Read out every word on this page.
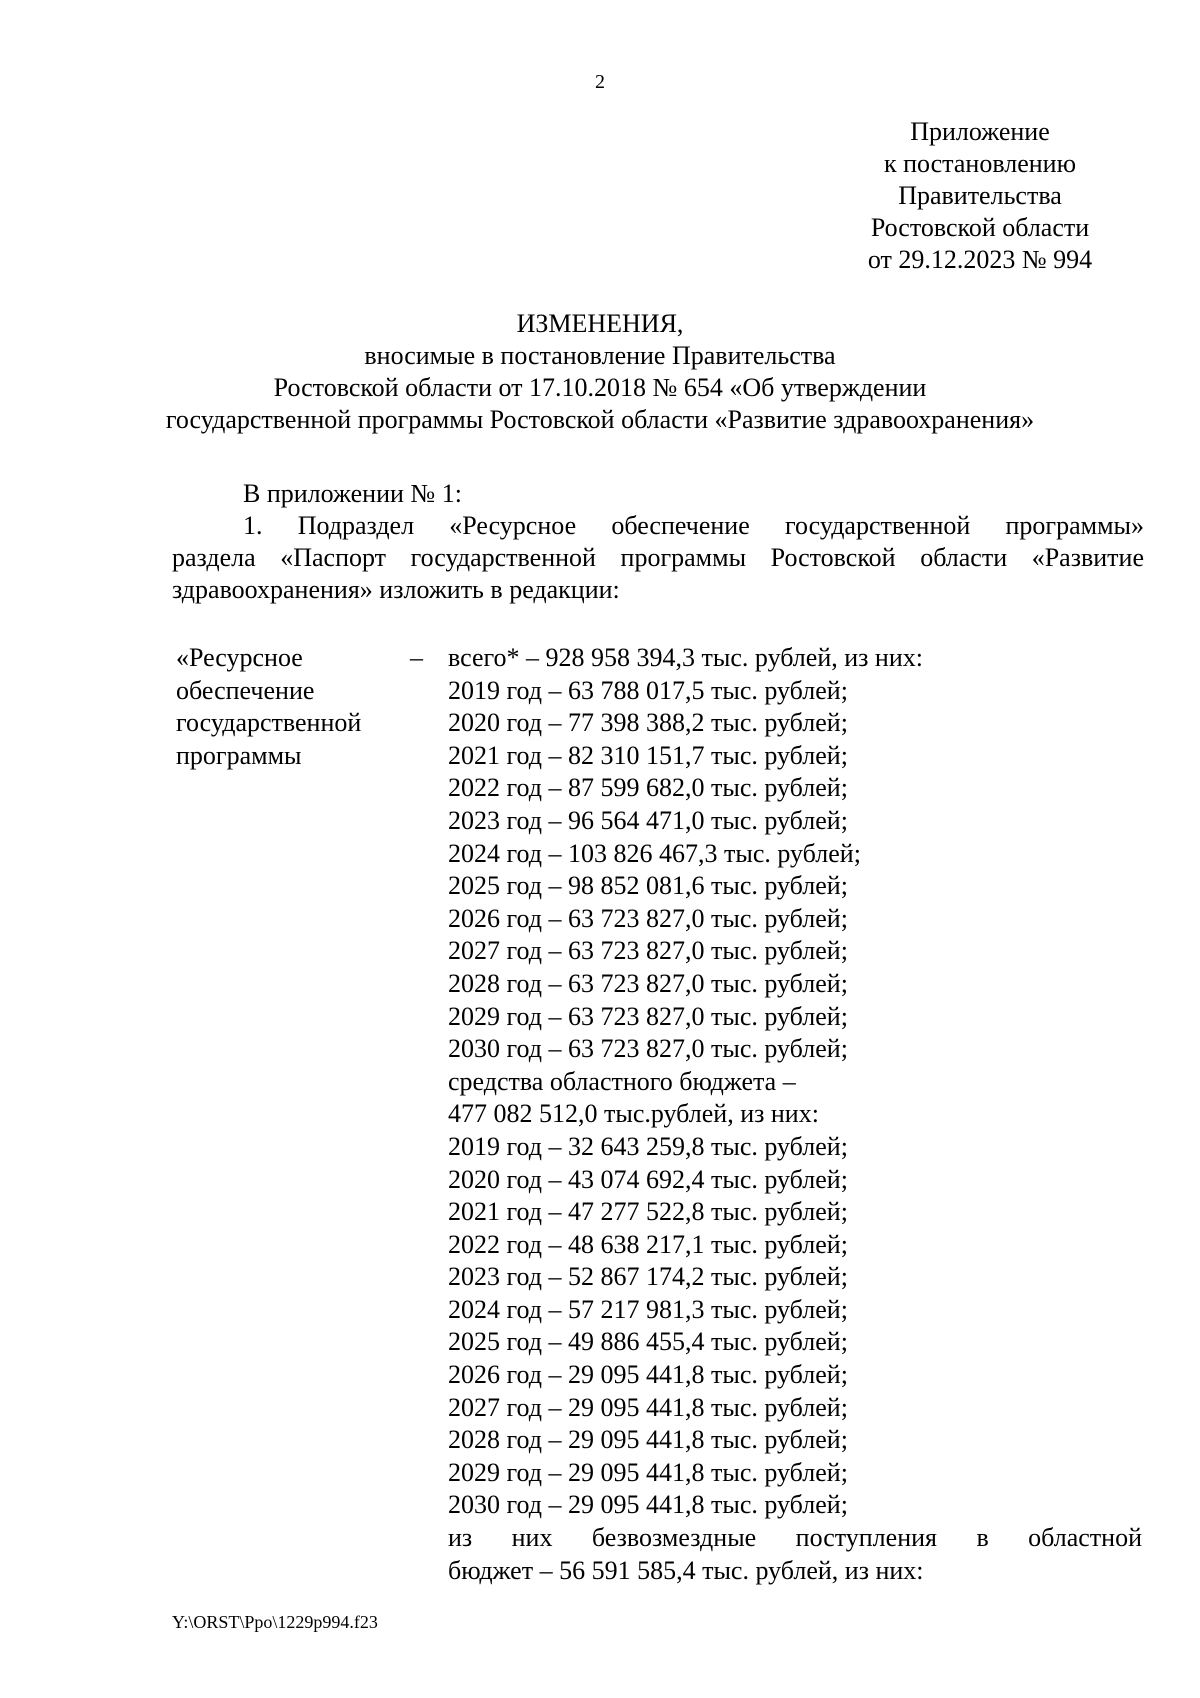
2
Приложение
к постановлению
Правительства
Ростовской области
от 29.12.2023 № 994
ИЗМЕНЕНИЯ,
вносимые в постановление Правительства
Ростовской области от 17.10.2018 № 654 «Об утверждении
государственной программы Ростовской области «Развитие здравоохранения»
В приложении № 1:
1. Подраздел «Ресурсное обеспечение государственной программы»
раздела «Паспорт государственной программы Ростовской области «Развитие
здравоохранения» изложить в редакции:
«Ресурсное
обеспечение
государственной
программы
– всего* – 928 958 394,3 тыс. рублей, из них:
2019 год – 63 788 017,5 тыс. рублей;
2020 год – 77 398 388,2 тыс. рублей;
2021 год – 82 310 151,7 тыс. рублей;
2022 год – 87 599 682,0 тыс. рублей;
2023 год – 96 564 471,0 тыс. рублей;
2024 год – 103 826 467,3 тыс. рублей;
2025 год – 98 852 081,6 тыс. рублей;
2026 год – 63 723 827,0 тыс. рублей;
2027 год – 63 723 827,0 тыс. рублей;
2028 год – 63 723 827,0 тыс. рублей;
2029 год – 63 723 827,0 тыс. рублей;
2030 год – 63 723 827,0 тыс. рублей;
средства областного бюджета –
477 082 512,0 тыс.рублей, из них:
2019 год – 32 643 259,8 тыс. рублей;
2020 год – 43 074 692,4 тыс. рублей;
2021 год – 47 277 522,8 тыс. рублей;
2022 год – 48 638 217,1 тыс. рублей;
2023 год – 52 867 174,2 тыс. рублей;
2024 год – 57 217 981,3 тыс. рублей;
2025 год – 49 886 455,4 тыс. рублей;
2026 год – 29 095 441,8 тыс. рублей;
2027 год – 29 095 441,8 тыс. рублей;
2028 год – 29 095 441,8 тыс. рублей;
2029 год – 29 095 441,8 тыс. рублей;
2030 год – 29 095 441,8 тыс. рублей;
из них безвозмездные поступления в областной
бюджет – 56 591 585,4 тыс. рублей, из них:
Y:\ORST\Ppo\1229p994.f23
